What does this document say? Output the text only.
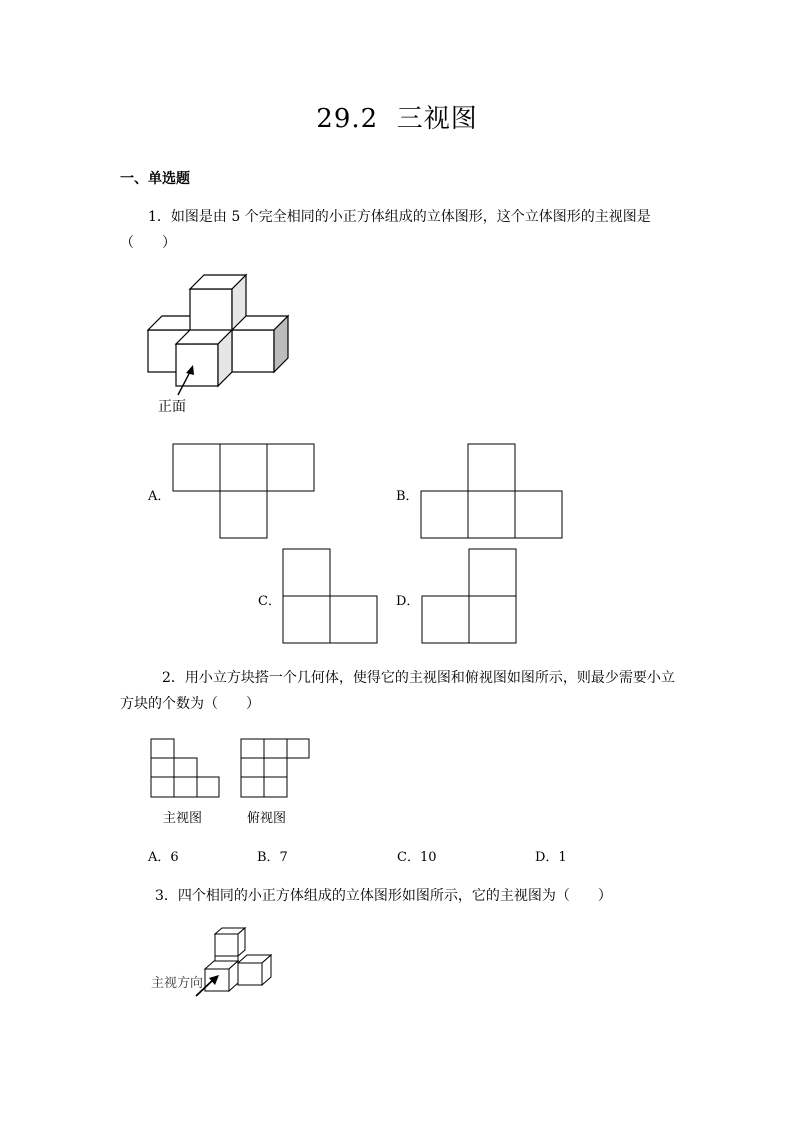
29.2  三视图
一、单选题
1．如图是由 5 个完全相同的小正方体组成的立体图形，这个立体图形的主视图是
（　　）
正面
A．	B．
C．	D．
2．用小立方块搭一个几何体，使得它的主视图和俯视图如图所示，则最少需要小立
方块的个数为（　　）
主视图	俯视图
A．6	B．7	C．10	D．1
3．四个相同的小正方体组成的立体图形如图所示，它的主视图为（　　）
主视方向
